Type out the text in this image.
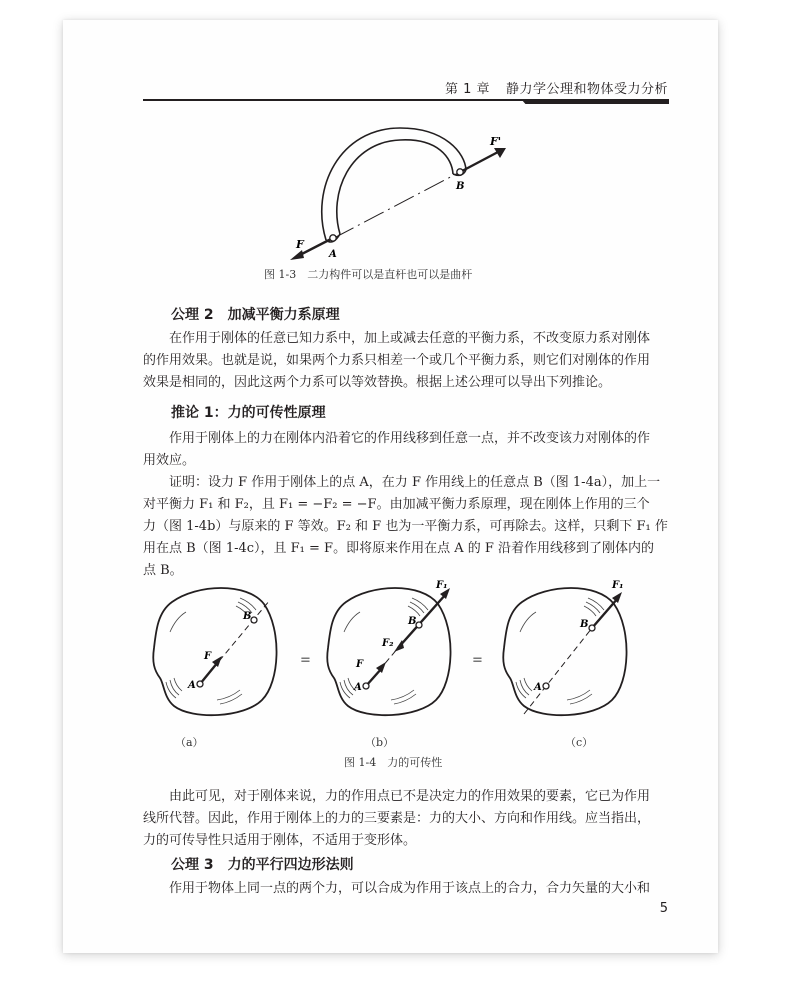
第 1 章 静力学公理和物体受力分析
F
F'
A
B
图 1-3　二力构件可以是直杆也可以是曲杆
公理 2　加减平衡力系原理
在作用于刚体的任意已知力系中，加上或减去任意的平衡力系，不改变原力系对刚体
的作用效果。也就是说，如果两个力系只相差一个或几个平衡力系，则它们对刚体的作用
效果是相同的，因此这两个力系可以等效替换。根据上述公理可以导出下列推论。
推论 1：力的可传性原理
作用于刚体上的力在刚体内沿着它的作用线移到任意一点，并不改变该力对刚体的作
用效应。
证明：设力 F 作用于刚体上的点 A，在力 F 作用线上的任意点 B（图 1-4a），加上一
对平衡力 F₁ 和 F₂，且 F₁ = −F₂ = −F。由加减平衡力系原理，现在刚体上作用的三个
力（图 1-4b）与原来的 F 等效。F₂ 和 F 也为一平衡力系，可再除去。这样，只剩下 F₁ 作
用在点 B（图 1-4c），且 F₁ = F。即将原来作用在点 A 的 F 沿着作用线移到了刚体内的
点 B。
F
A
B
=	F
F₂
F₁
A
B
=
F₁
A
B
（a）	（b）	（c）
图 1-4　力的可传性
由此可见，对于刚体来说，力的作用点已不是决定力的作用效果的要素，它已为作用
线所代替。因此，作用于刚体上的力的三要素是：力的大小、方向和作用线。应当指出，
力的可传导性只适用于刚体，不适用于变形体。
公理 3　力的平行四边形法则
作用于物体上同一点的两个力，可以合成为作用于该点上的合力，合力矢量的大小和
5
